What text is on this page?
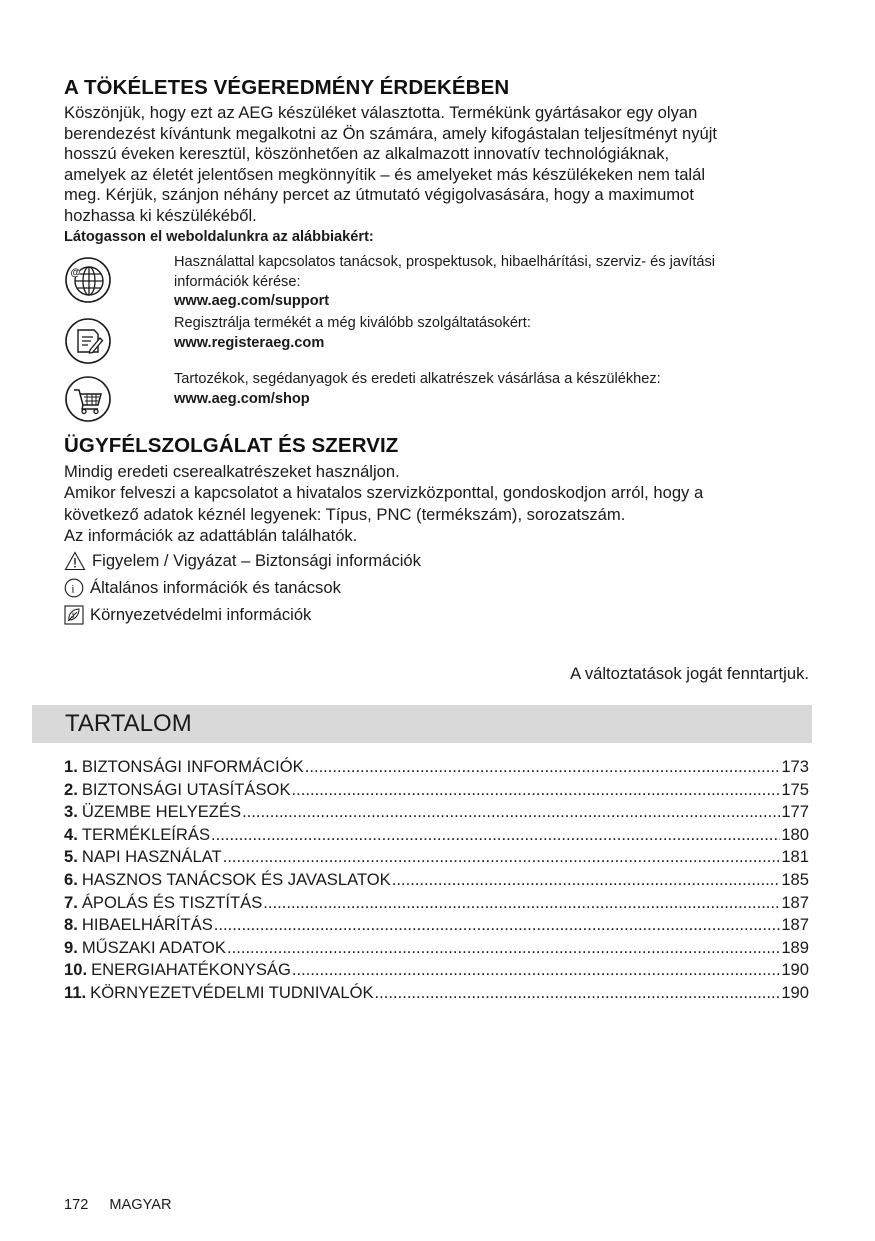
A TÖKÉLETES VÉGEREDMÉNY ÉRDEKÉBEN

Köszönjük, hogy ezt az AEG készüléket választotta. Termékünk gyártásakor egy olyan

berendezést kívántunk megalkotni az Ön számára, amely kifogástalan teljesítményt nyújt

hosszú éveken keresztül, köszönhetően az alkalmazott innovatív technológiáknak,

amelyek az életét jelentősen megkönnyítik – és amelyeket más készülékeken nem talál

meg. Kérjük, szánjon néhány percet az útmutató végigolvasására, hogy a maximumot

hozhassa ki készülékéből.

Látogasson el weboldalunkra az alábbiakért:
@
Használattal kapcsolatos tanácsok, prospektusok, hibaelhárítási, szerviz- és javítási
információk kérése:
www.aeg.com/support
Regisztrálja termékét a még kiválóbb szolgáltatásokért:
www.registeraeg.com
Tartozékok, segédanyagok és eredeti alkatrészek vásárlása a készülékhez:
www.aeg.com/shop
ÜGYFÉLSZOLGÁLAT ÉS SZERVIZ

Mindig eredeti cserealkatrészeket használjon.

Amikor felveszi a kapcsolatot a hivatalos szervizközponttal, gondoskodjon arról, hogy a

következő adatok kéznél legyenek: Típus, PNC (termékszám), sorozatszám.

Az információk az adattáblán találhatók.

Figyelem / Vigyázat – Biztonsági információk
i Általános információk és tanácsok
Környezetvédelmi információk
A változtatások jogát fenntartjuk.
TARTALOM
1. BIZTONSÁGI INFORMÁCIÓK .....	173
2. BIZTONSÁGI UTASÍTÁSOK .....	175
3. ÜZEMBE HELYEZÉS .....	177
4. TERMÉKLEÍRÁS .....	180
5. NAPI HASZNÁLAT .....	181
6. HASZNOS TANÁCSOK ÉS JAVASLATOK .....	185
7. ÁPOLÁS ÉS TISZTÍTÁS .....	187
8. HIBAELHÁRÍTÁS .....	187
9. MŰSZAKI ADATOK .....	189
10. ENERGIAHATÉKONYSÁG .....	190
11. KÖRNYEZETVÉDELMI TUDNIVALÓK .....	190
172 MAGYAR
